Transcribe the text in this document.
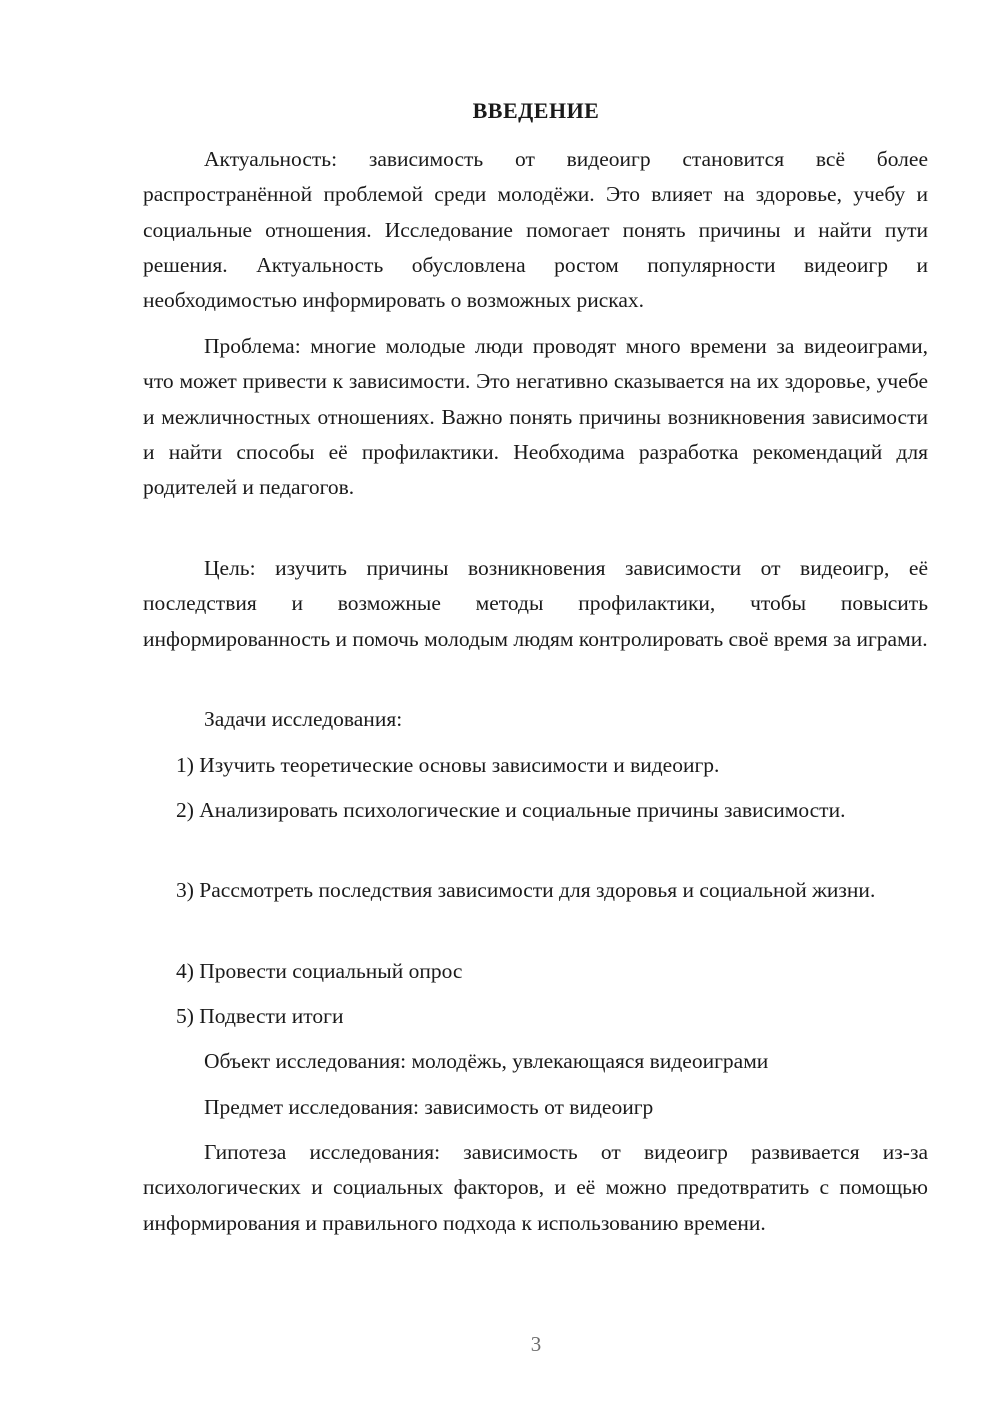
ВВЕДЕНИЕ

Актуальность: зависимость от видеоигр становится всё более распространённой проблемой среди молодёжи. Это влияет на здоровье, учебу и социальные отношения. Исследование помогает понять причины и найти пути решения. Актуальность обусловлена ростом популярности видеоигр и необходимостью информировать о возможных рисках.

Проблема: многие молодые люди проводят много времени за видеоиграми, что может привести к зависимости. Это негативно сказывается на их здоровье, учебе и межличностных отношениях. Важно понять причины возникновения зависимости и найти способы её профилактики. Необходима разработка рекомендаций для родителей и педагогов.

Цель: изучить причины возникновения зависимости от видеоигр, её последствия и возможные методы профилактики, чтобы повысить информированность и помочь молодым людям контролировать своё время за играми.

Задачи исследования:

1) Изучить теоретические основы зависимости и видеоигр.

2) Анализировать психологические и социальные причины зависимости.

3) Рассмотреть последствия зависимости для здоровья и социальной жизни.

4) Провести социальный опрос

5) Подвести итоги

Объект исследования: молодёжь, увлекающаяся видеоиграми

Предмет исследования: зависимость от видеоигр

Гипотеза исследования: зависимость от видеоигр развивается из-за психологических и социальных факторов, и её можно предотвратить с помощью информирования и правильного подхода к использованию времени.

3
